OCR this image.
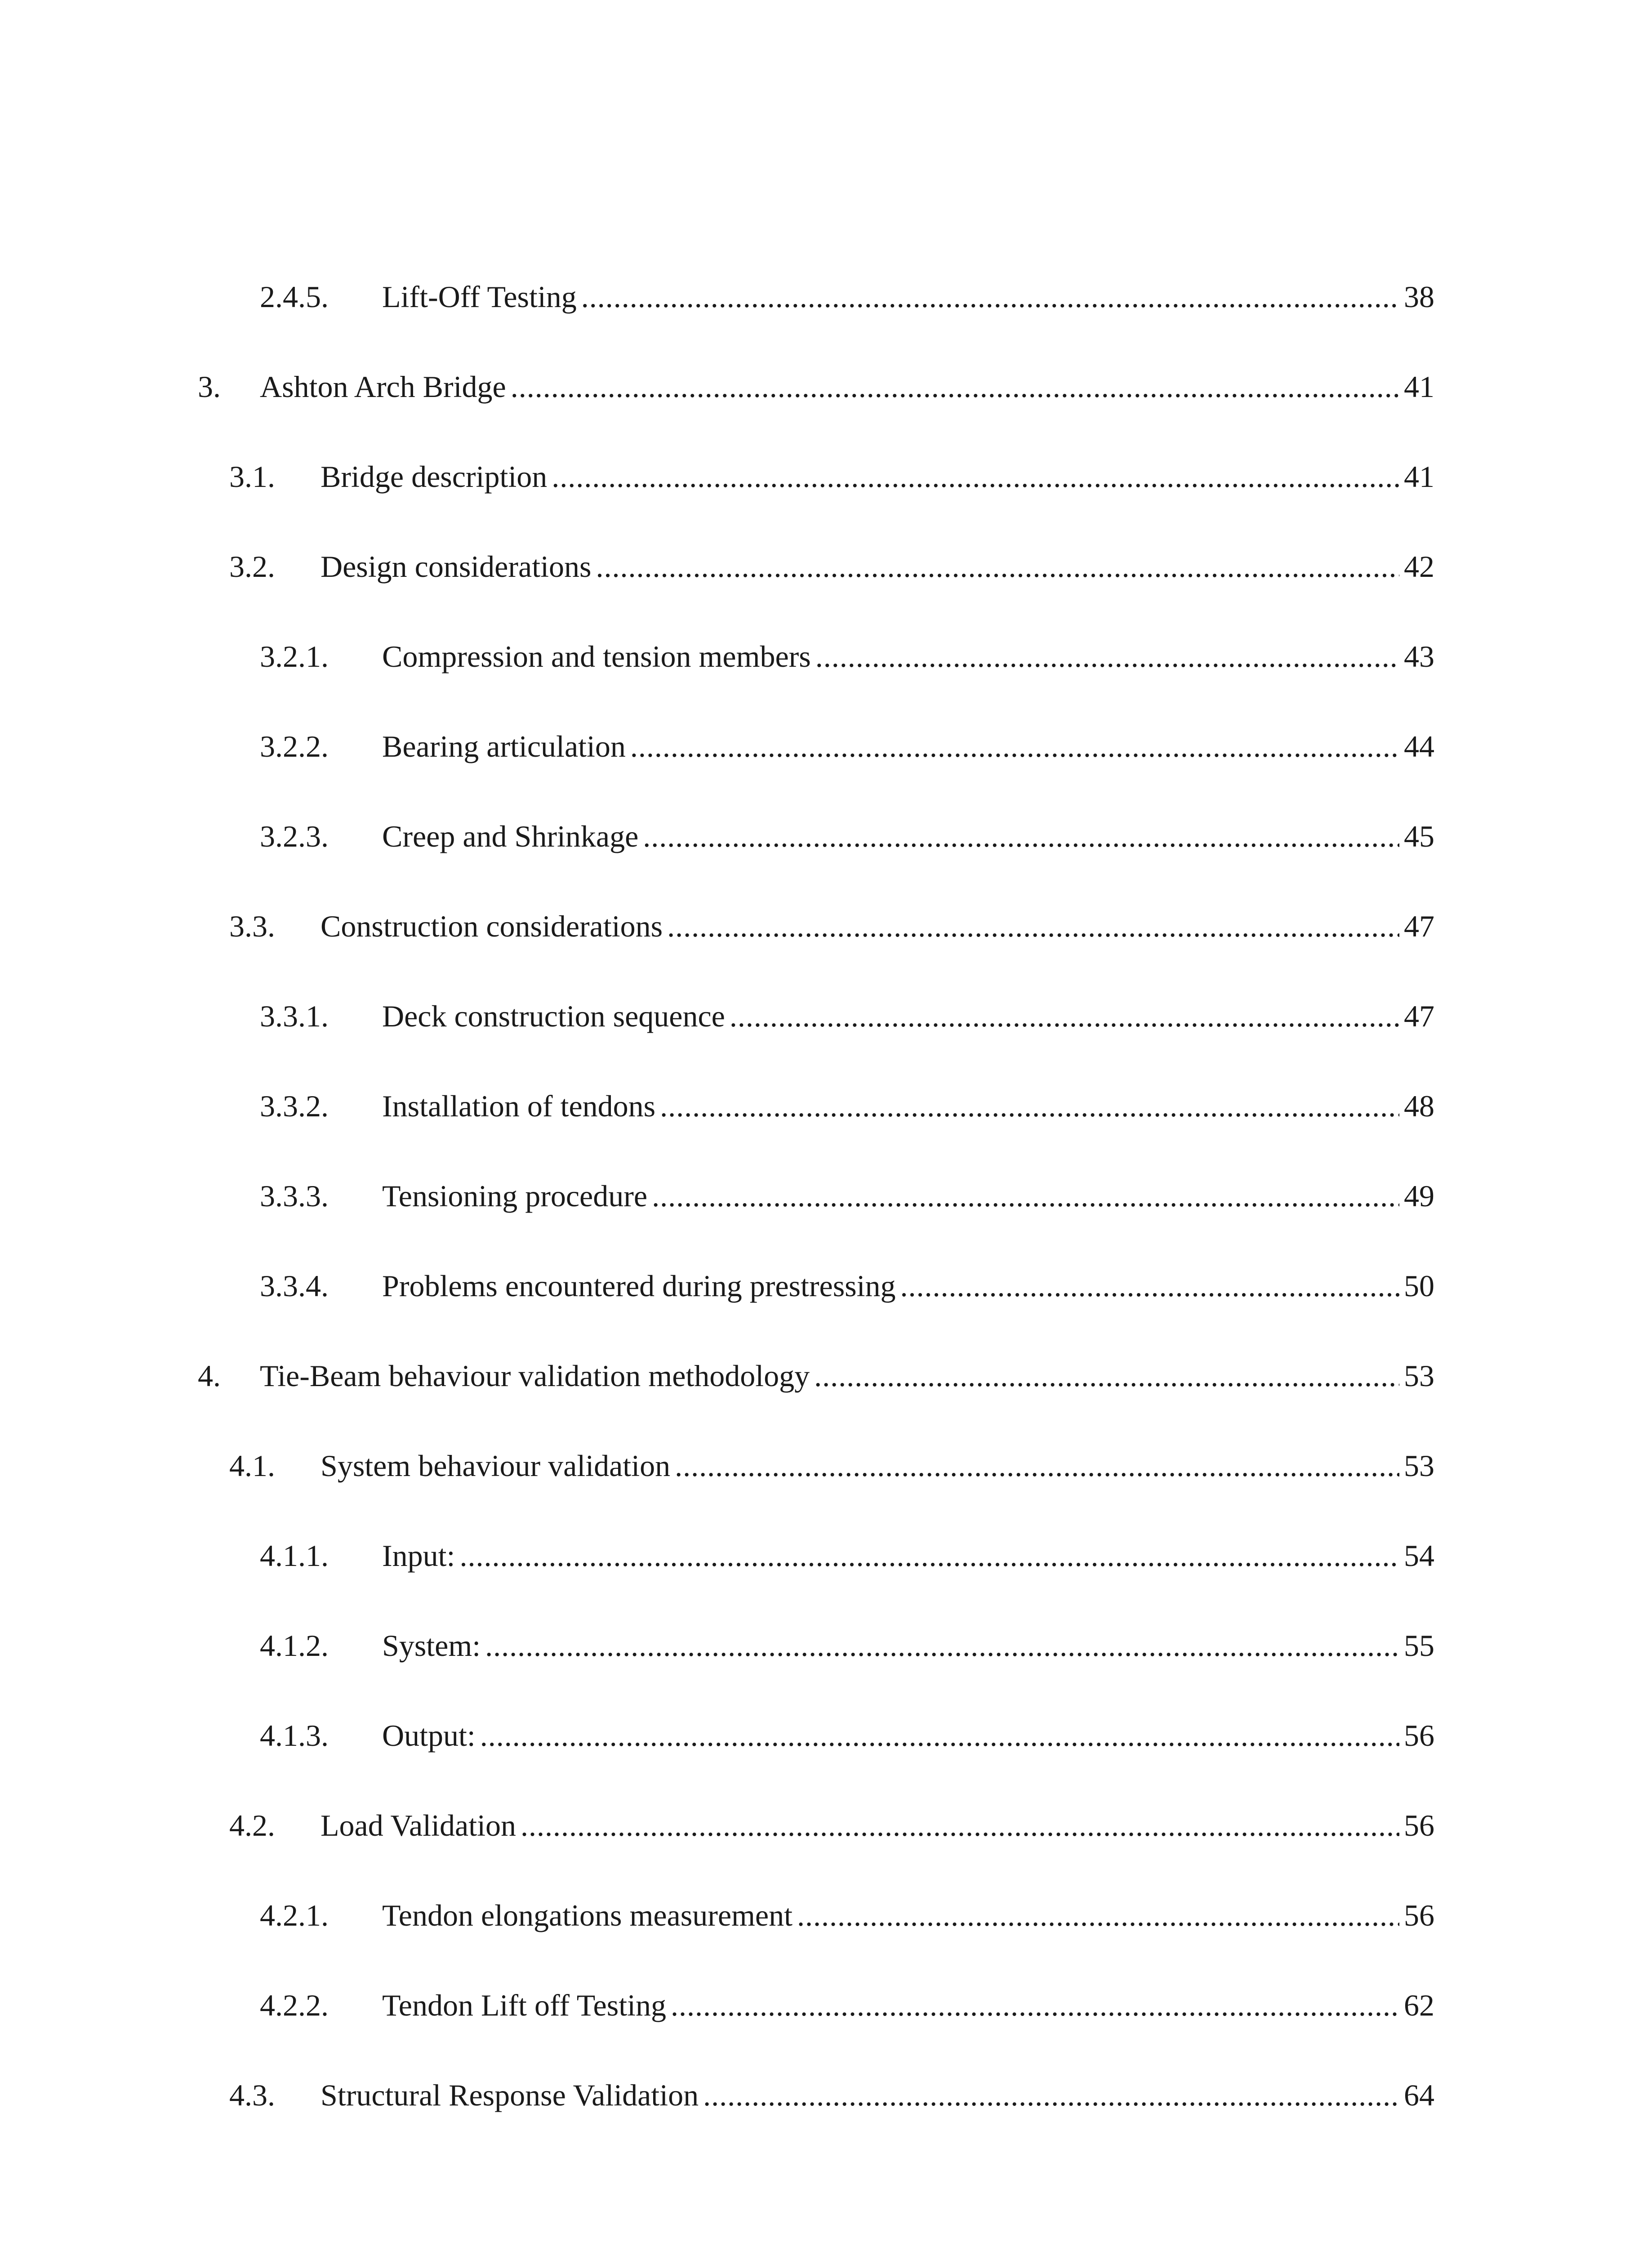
2.4.5.	Lift-Off Testing .....	38
3.	Ashton Arch Bridge .....	41
3.1.	Bridge description .....	41
3.2.	Design considerations .....	42
3.2.1.	Compression and tension members .....	43
3.2.2.	Bearing articulation .....	44
3.2.3.	Creep and Shrinkage .....	45
3.3.	Construction considerations .....	47
3.3.1.	Deck construction sequence .....	47
3.3.2.	Installation of tendons .....	48
3.3.3.	Tensioning procedure .....	49
3.3.4.	Problems encountered during prestressing .....	50
4.	Tie-Beam behaviour validation methodology .....	53
4.1.	System behaviour validation .....	53
4.1.1.	Input: .....	54
4.1.2.	System: .....	55
4.1.3.	Output: .....	56
4.2.	Load Validation .....	56
4.2.1.	Tendon elongations measurement .....	56
4.2.2.	Tendon Lift off Testing .....	62
4.3.	Structural Response Validation .....	64
